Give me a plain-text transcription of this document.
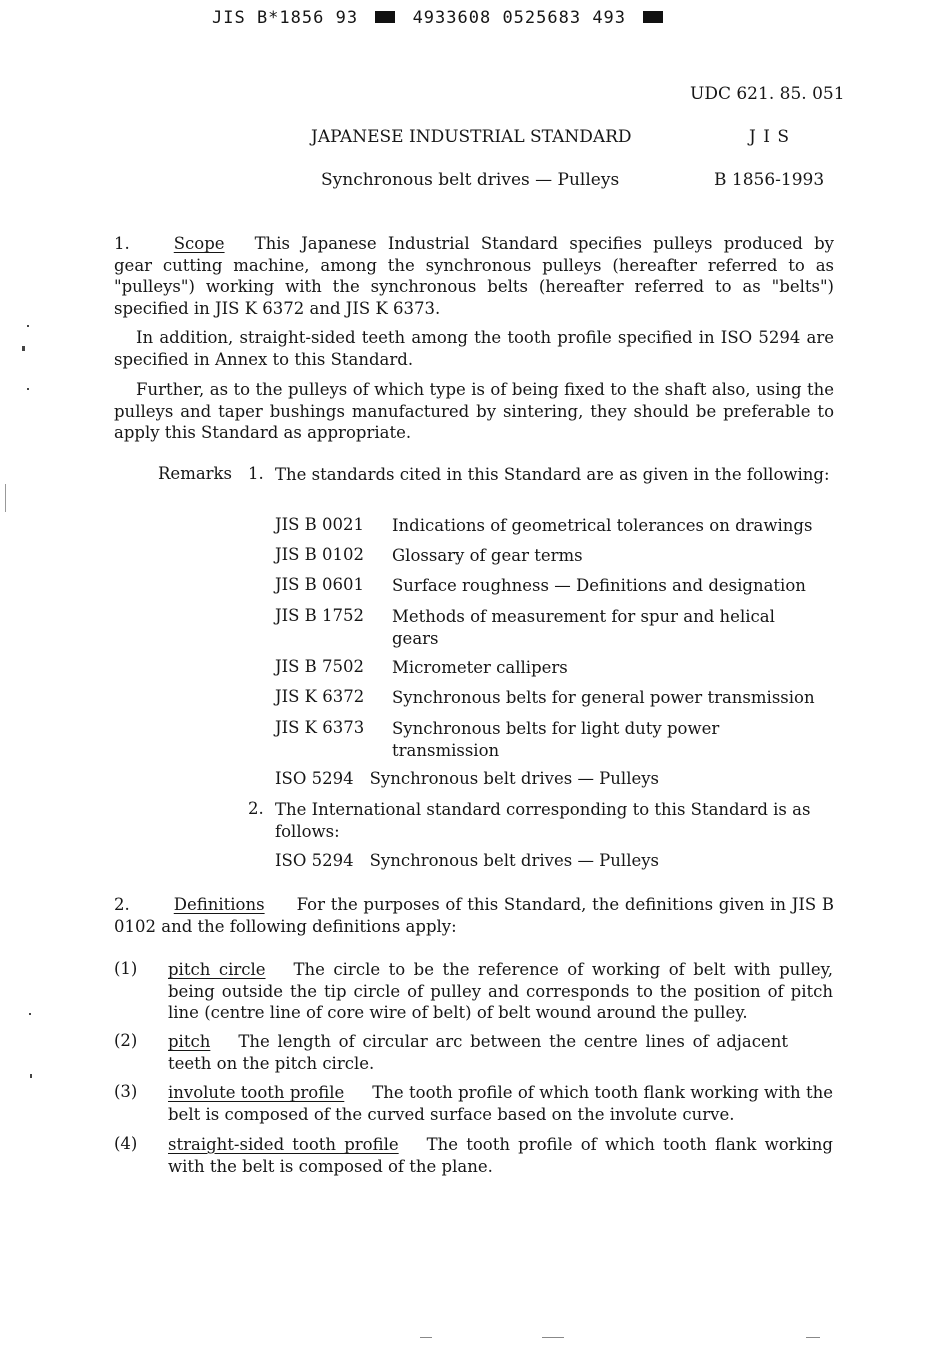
JIS B*1856 93	4933608 0525683 493
UDC 621. 85. 051
JAPANESE INDUSTRIAL STANDARD	J I S
Synchronous belt drives — Pulleys	B 1856-1993
1.	Scope This Japanese Industrial Standard specifies pulleys produced by gear cutting machine, among the synchronous pulleys (hereafter referred to as "pulleys") working with the synchronous belts (hereafter referred to as "belts") specified in JIS K 6372 and JIS K 6373.
In addition, straight-sided teeth among the tooth profile specified in ISO 5294 are specified in Annex to this Standard.
Further, as to the pulleys of which type is of being fixed to the shaft also, using the pulleys and taper bushings manufactured by sintering, they should be preferable to apply this Standard as appropriate.
Remarks 1. The standards cited in this Standard are as given in the following:
JIS B 0021 Indications of geometrical tolerances on drawings
JIS B 0102 Glossary of gear terms
JIS B 0601 Surface roughness — Definitions and designation
JIS B 1752 Methods of measurement for spur and helical gears
JIS B 7502 Micrometer callipers
JIS K 6372 Synchronous belts for general power transmission
JIS K 6373 Synchronous belts for light duty power transmission
ISO 5294 Synchronous belt drives — Pulleys
2. The International standard corresponding to this Standard is as follows:
ISO 5294 Synchronous belt drives — Pulleys
2.	Definitions For the purposes of this Standard, the definitions given in JIS B 0102 and the following definitions apply:
(1) pitch circle The circle to be the reference of working of belt with pulley, being outside the tip circle of pulley and corresponds to the position of pitch line (centre line of core wire of belt) of belt wound around the pulley.
(2) pitch The length of circular arc between the centre lines of adjacent teeth on the pitch circle.
(3) involute tooth profile The tooth profile of which tooth flank working with the belt is composed of the curved surface based on the involute curve.
(4) straight-sided tooth profile The tooth profile of which tooth flank working with the belt is composed of the plane.
